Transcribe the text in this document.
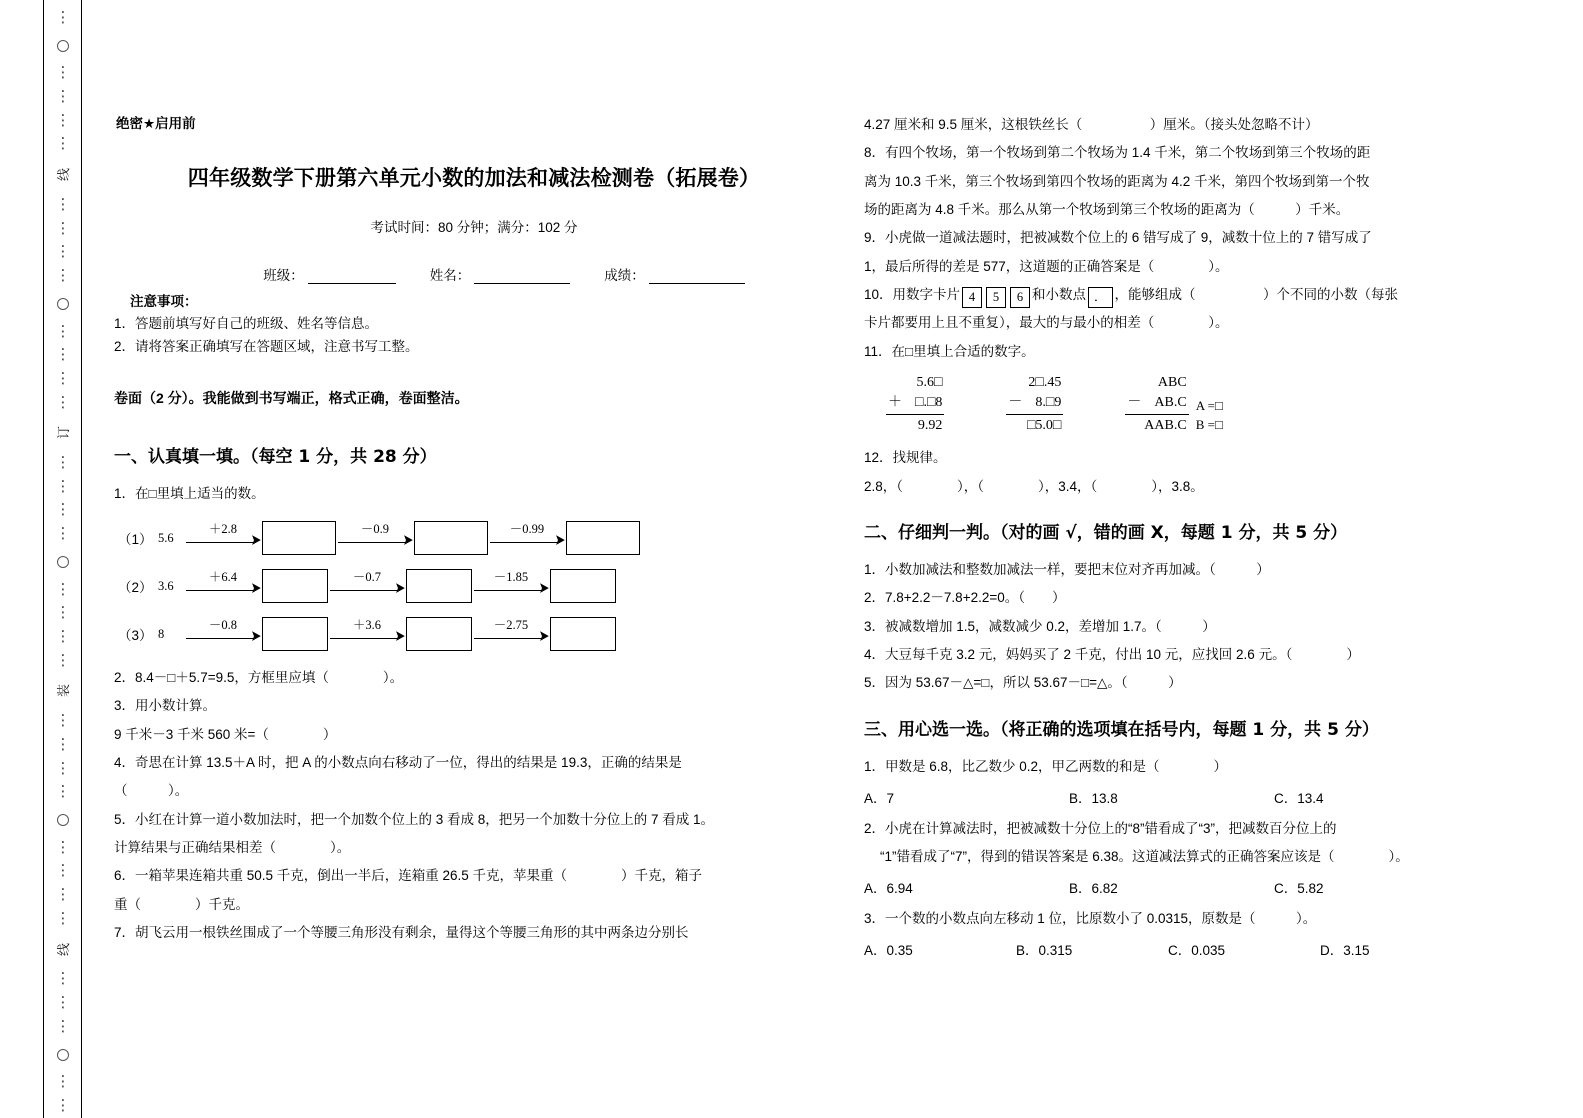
⋮
⋮
⋮
⋮
⋮
线
⋮
⋮
⋮
⋮
⋮
⋮
⋮
⋮
订
⋮
⋮
⋮
⋮
⋮
⋮
⋮
⋮
装
⋮
⋮
⋮
⋮
⋮
⋮
⋮
⋮
线
⋮
⋮
⋮
⋮
⋮
绝密★启用前
四年级数学下册第六单元小数的加法和减法检测卷（拓展卷）
考试时间：80 分钟；满分：102 分
班级：	姓名：	成绩：
注意事项：
1．答题前填写好自己的班级、姓名等信息。
2．请将答案正确填写在答题区域，注意书写工整。
卷面（2 分）。我能做到书写端正，格式正确，卷面整洁。
一、认真填一填。（每空 1 分，共 28 分）
1．在□里填上适当的数。
（1） 5.6
＋2.8	－0.9	－0.99
（2） 3.6
＋6.4	－0.7	－1.85
（3） 8
－0.8	＋3.6	－2.75
2．8.4－□＋5.7=9.5，方框里应填（　　　　）。
3．用小数计算。
9 千米－3 千米 560 米=（　　　　）
4．奇思在计算 13.5＋A 时，把 A 的小数点向右移动了一位，得出的结果是 19.3，正确的结果是
（　　　）。
5．小红在计算一道小数加法时，把一个加数个位上的 3 看成 8，把另一个加数十分位上的 7 看成 1。
计算结果与正确结果相差（　　　　）。
6．一箱苹果连箱共重 50.5 千克，倒出一半后，连箱重 26.5 千克，苹果重（　　　　）千克，箱子
重（　　　　）千克。
7．胡飞云用一根铁丝围成了一个等腰三角形没有剩余，量得这个等腰三角形的其中两条边分别长
4.27 厘米和 9.5 厘米，这根铁丝长（　　　　　）厘米。（接头处忽略不计）
8．有四个牧场，第一个牧场到第二个牧场为 1.4 千米，第二个牧场到第三个牧场的距
离为 10.3 千米，第三个牧场到第四个牧场的距离为 4.2 千米，第四个牧场到第一个牧
场的距离为 4.8 千米。那么从第一个牧场到第三个牧场的距离为（　　　）千米。
9．小虎做一道减法题时，把被减数个位上的 6 错写成了 9，减数十位上的 7 错写成了
1，最后所得的差是 577，这道题的正确答案是（　　　　）。
10．用数字卡片 4 5 6 和小数点 ． ，能够组成（　　　　　）个不同的小数（每张
卡片都要用上且不重复），最大的与最小的相差（　　　　）。
11．在□里填上合适的数字。
5.6□
＋ □.□8
9.92
2□.45
－ 8.□9
□5.0□
ABC
－ AB.C
AAB.C
A =□
B =□
12．找规律。
2.8，（　　　　），（　　　　），3.4，（　　　　），3.8。
二、仔细判一判。（对的画 √，错的画 X，每题 1 分，共 5 分）
1．小数加减法和整数加减法一样，要把末位对齐再加减。（　　　）
2．7.8+2.2－7.8+2.2=0。（　　）
3．被减数增加 1.5，减数减少 0.2，差增加 1.7。（　　　）
4．大豆每千克 3.2 元，妈妈买了 2 千克，付出 10 元，应找回 2.6 元。（　　　　）
5．因为 53.67－△=□，所以 53.67－□=△。（　　　）
三、用心选一选。（将正确的选项填在括号内，每题 1 分，共 5 分）
1．甲数是 6.8，比乙数少 0.2，甲乙两数的和是（　　　　）
A．7	B．13.8	C．13.4
2．小虎在计算减法时，把被减数十分位上的“8”错看成了“3”，把减数百分位上的
“1”错看成了“7”，得到的错误答案是 6.38。这道减法算式的正确答案应该是（　　　　）。
A．6.94	B．6.82	C．5.82
3．一个数的小数点向左移动 1 位，比原数小了 0.0315，原数是（　　　）。
A．0.35	B．0.315	C．0.035	D．3.15
